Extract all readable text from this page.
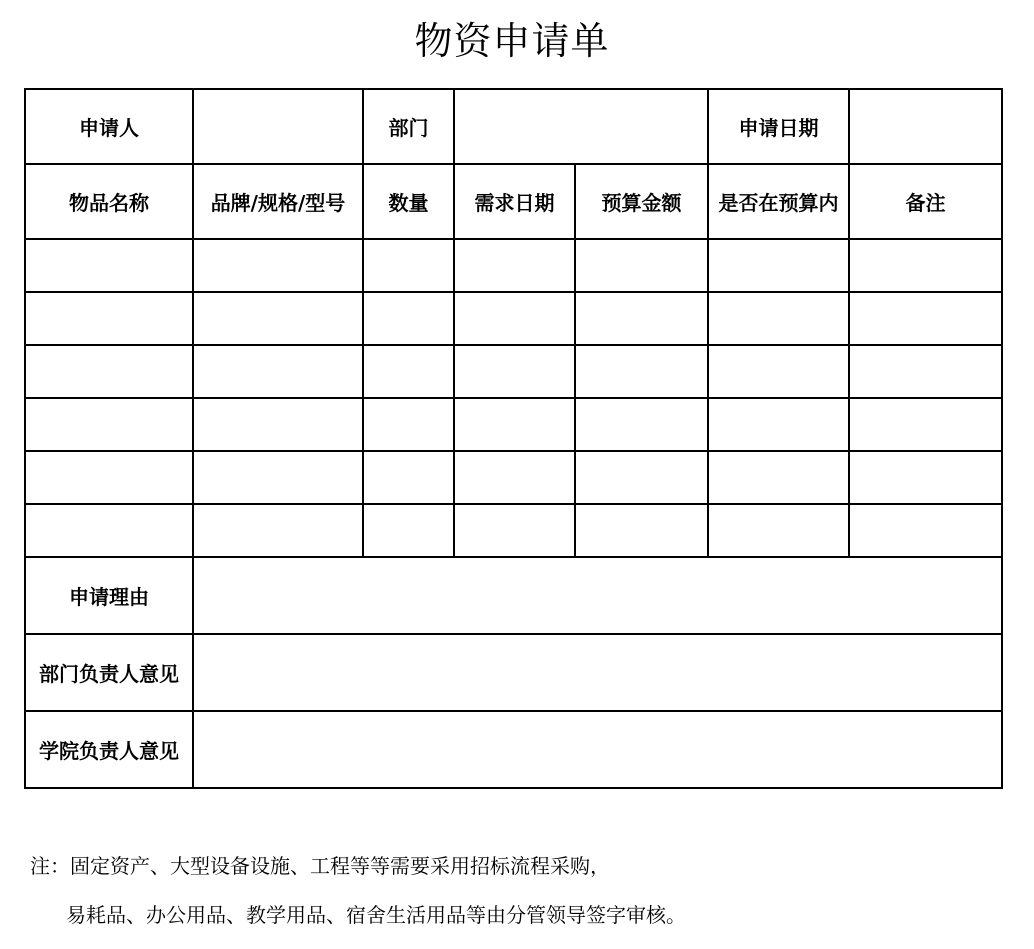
物资申请单
申请人		部门			申请日期	
物品名称	品牌/规格/型号	数量	需求日期	预算金额	是否在预算内	备注

申请理由						
部门负责人意见						
学院负责人意见						
注：固定资产、大型设备设施、工程等等需要采用招标流程采购，
易耗品、办公用品、教学用品、宿舍生活用品等由分管领导签字审核。
